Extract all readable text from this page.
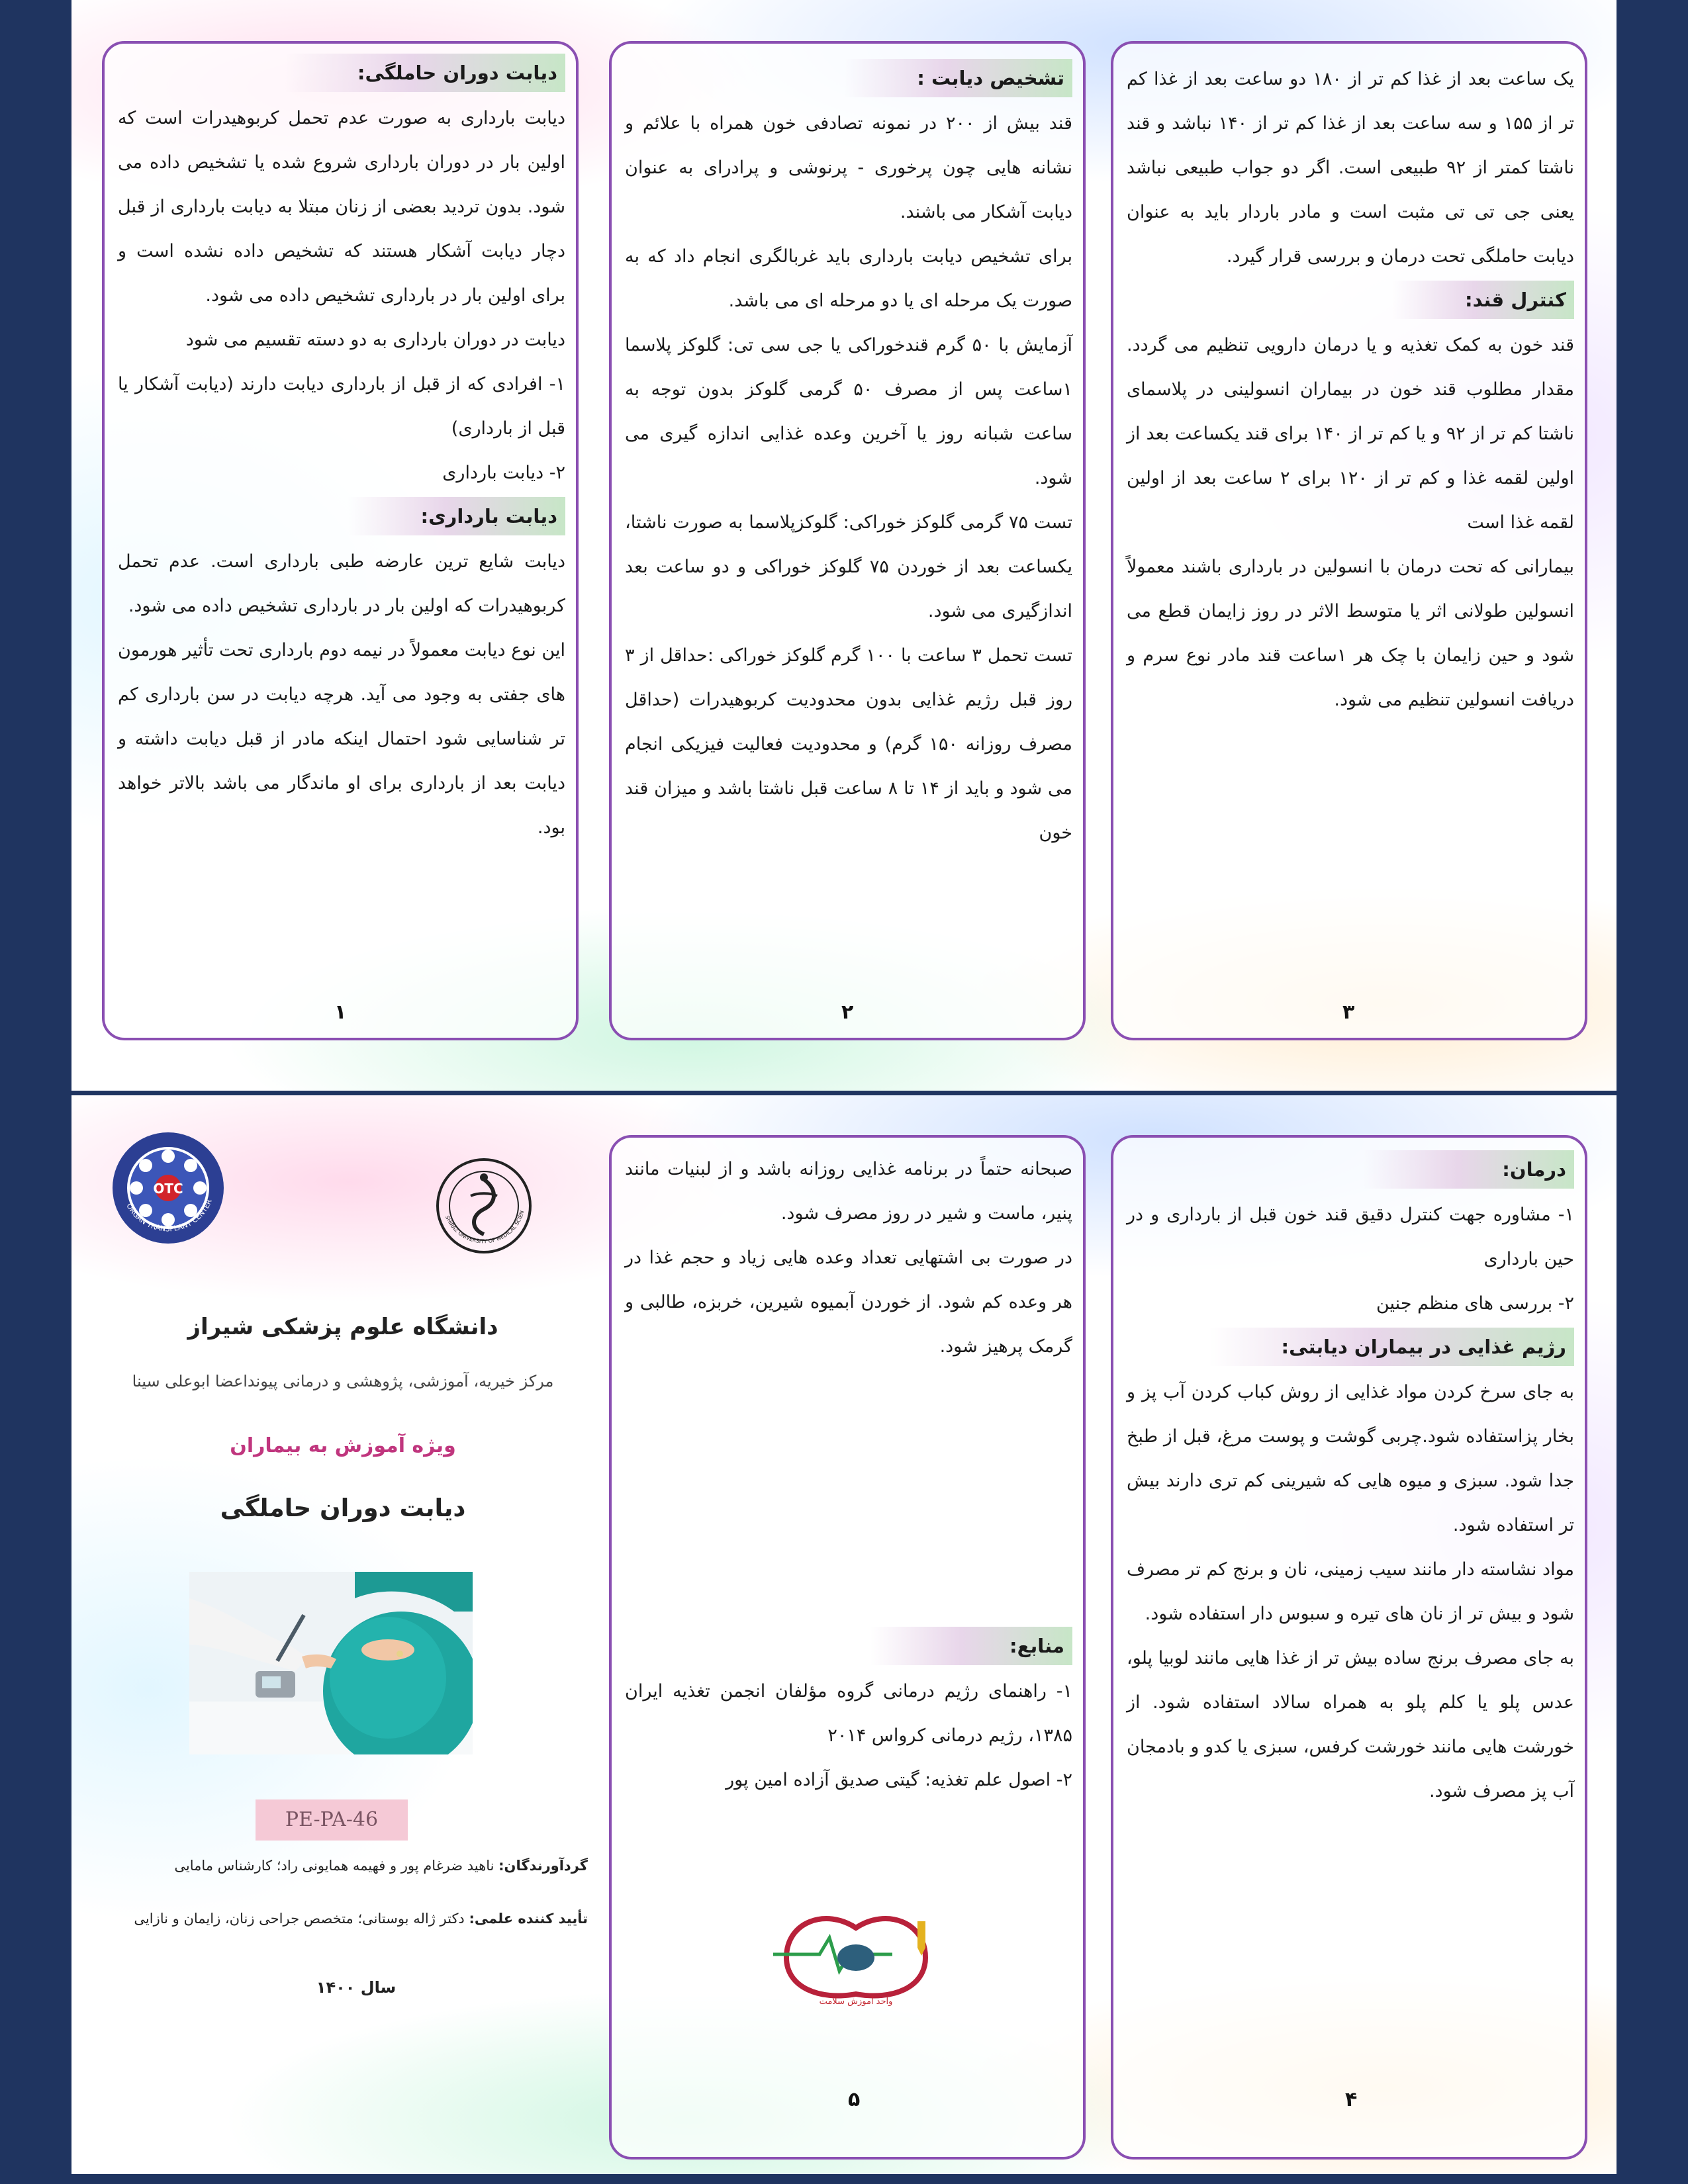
دیابت دوران حاملگی:

دیابت بارداری به صورت عدم تحمل کربوهیدرات است که اولین بار در دوران بارداری شروع شده یا تشخیص داده می شود. بدون تردید بعضی از زنان مبتلا به دیابت بارداری از قبل دچار دیابت آشکار هستند که تشخیص داده نشده است و برای اولین بار در بارداری تشخیص داده می شود.

دیابت در دوران بارداری به دو دسته تقسیم می شود

۱- افرادی که از قبل از بارداری دیابت دارند (دیابت آشکار یا قبل از بارداری)

۲- دیابت بارداری

دیابت بارداری:

دیابت شایع ترین عارضه طبی بارداری است. عدم تحمل کربوهیدرات که اولین بار در بارداری تشخیص داده می شود.

این نوع دیابت معمولاً در نیمه دوم بارداری تحت تأثیر هورمون های جفتی به وجود می آید. هرچه دیابت در سن بارداری کم تر شناسایی شود احتمال اینکه مادر از قبل دیابت داشته و دیابت بعد از بارداری برای او ماندگار می باشد بالاتر خواهد بود.

۱
تشخیص دیابت :

قند بیش از ۲۰۰ در نمونه تصادفی خون همراه با علائم و نشانه هایی چون پرخوری - پرنوشی و پرادرای به عنوان دیابت آشکار می باشند.

برای تشخیص دیابت بارداری باید غربالگری انجام داد که به صورت یک مرحله ای یا دو مرحله ای می باشد.

آزمایش با ۵۰ گرم قندخوراکی یا جی سی تی: گلوکز پلاسما ۱ساعت پس از مصرف ۵۰ گرمی گلوکز بدون توجه به ساعت شبانه روز یا آخرین وعده غذایی اندازه گیری می شود.

تست ۷۵ گرمی گلوکز خوراکی: گلوکزپلاسما به صورت ناشتا، یکساعت بعد از خوردن ۷۵ گلوکز خوراکی و دو ساعت بعد اندازگیری می شود.

تست تحمل ۳ ساعت با ۱۰۰ گرم گلوکز خوراکی :حداقل از ۳ روز قبل رژیم غذایی بدون محدودیت کربوهیدرات (حداقل مصرف روزانه ۱۵۰ گرم) و محدودیت فعالیت فیزیکی انجام می شود و باید از ۱۴ تا ۸ ساعت قبل ناشتا باشد و میزان قند خون

۲

یک ساعت بعد از غذا کم تر از ۱۸۰ دو ساعت بعد از غذا کم تر از ۱۵۵ و سه ساعت بعد از غذا کم تر از ۱۴۰ نباشد و قند ناشتا کمتر از ۹۲ طبیعی است. اگر دو جواب طبیعی نباشد یعنی جی تی تی مثبت است و مادر باردار باید به عنوان دیابت حاملگی تحت درمان و بررسی قرار گیرد.

کنترل قند:

قند خون به کمک تغذیه و یا درمان دارویی تنظیم می گردد. مقدار مطلوب قند خون در بیماران انسولینی در پلاسمای ناشتا کم تر از ۹۲ و یا کم تر از ۱۴۰ برای قند یکساعت بعد از اولین لقمه غذا و کم تر از ۱۲۰ برای ۲ ساعت بعد از اولین لقمه غذا است

بیمارانی که تحت درمان با انسولین در بارداری باشند معمولاً انسولین طولانی اثر یا متوسط الاثر در روز زایمان قطع می شود و حین زایمان با چک هر ۱ساعت قند مادر نوع سرم و دریافت انسولین تنظیم می شود.

۳
OTC
ORGAN TRANSPLANT CENTER
SHIRAZ UNIVERSITY OF MEDICAL SCIEN
دانشگاه علوم پزشکی شیراز
مرکز خیریه، آموزشی، پژوهشی و درمانی پیونداعضا ابوعلی سینا
ویژه آموزش به بیماران
دیابت دوران حاملگی
PE-PA-46
گردآورندگان: ناهید ضرغام پور و فهیمه همایونی راد؛ کارشناس مامایی
تأیید کننده علمی: دکتر ژاله بوستانی؛ متخصص جراحی زنان، زایمان و نازایی
سال ۱۴۰۰

صبحانه حتماً در برنامه غذایی روزانه باشد و از لبنیات مانند پنیر، ماست و شیر در روز مصرف شود.

در صورت بی اشتهایی تعداد وعده هایی زیاد و حجم غذا در هر وعده کم شود. از خوردن آبمیوه شیرین، خربزه، طالبی و گرمک پرهیز شود.

منابع:

۱- راهنمای رژیم درمانی گروه مؤلفان انجمن تغذیه ایران ۱۳۸۵، رژیم درمانی کرواس ۲۰۱۴

۲- اصول علم تغذیه: گیتی صدیق آزاده امین پور

واحد آموزش سلامت
۵
درمان:

۱- مشاوره جهت کنترل دقیق قند خون قبل از بارداری و در حین بارداری

۲- بررسی های منظم جنین

رژیم غذایی در بیماران دیابتی:

به جای سرخ کردن مواد غذایی از روش کباب کردن آب پز و بخار پزاستفاده شود.چربی گوشت و پوست مرغ، قبل از طبخ جدا شود. سبزی و میوه هایی که شیرینی کم تری دارند بیش تر استفاده شود.

مواد نشاسته دار مانند سیب زمینی، نان و برنج کم تر مصرف شود و بیش تر از نان های تیره و سبوس دار استفاده شود.

به جای مصرف برنج ساده بیش تر از غذا هایی مانند لوبیا پلو، عدس پلو یا کلم پلو به همراه سالاد استفاده شود. از خورشت هایی مانند خورشت کرفس، سبزی یا کدو و بادمجان آب پز مصرف شود.

۴
